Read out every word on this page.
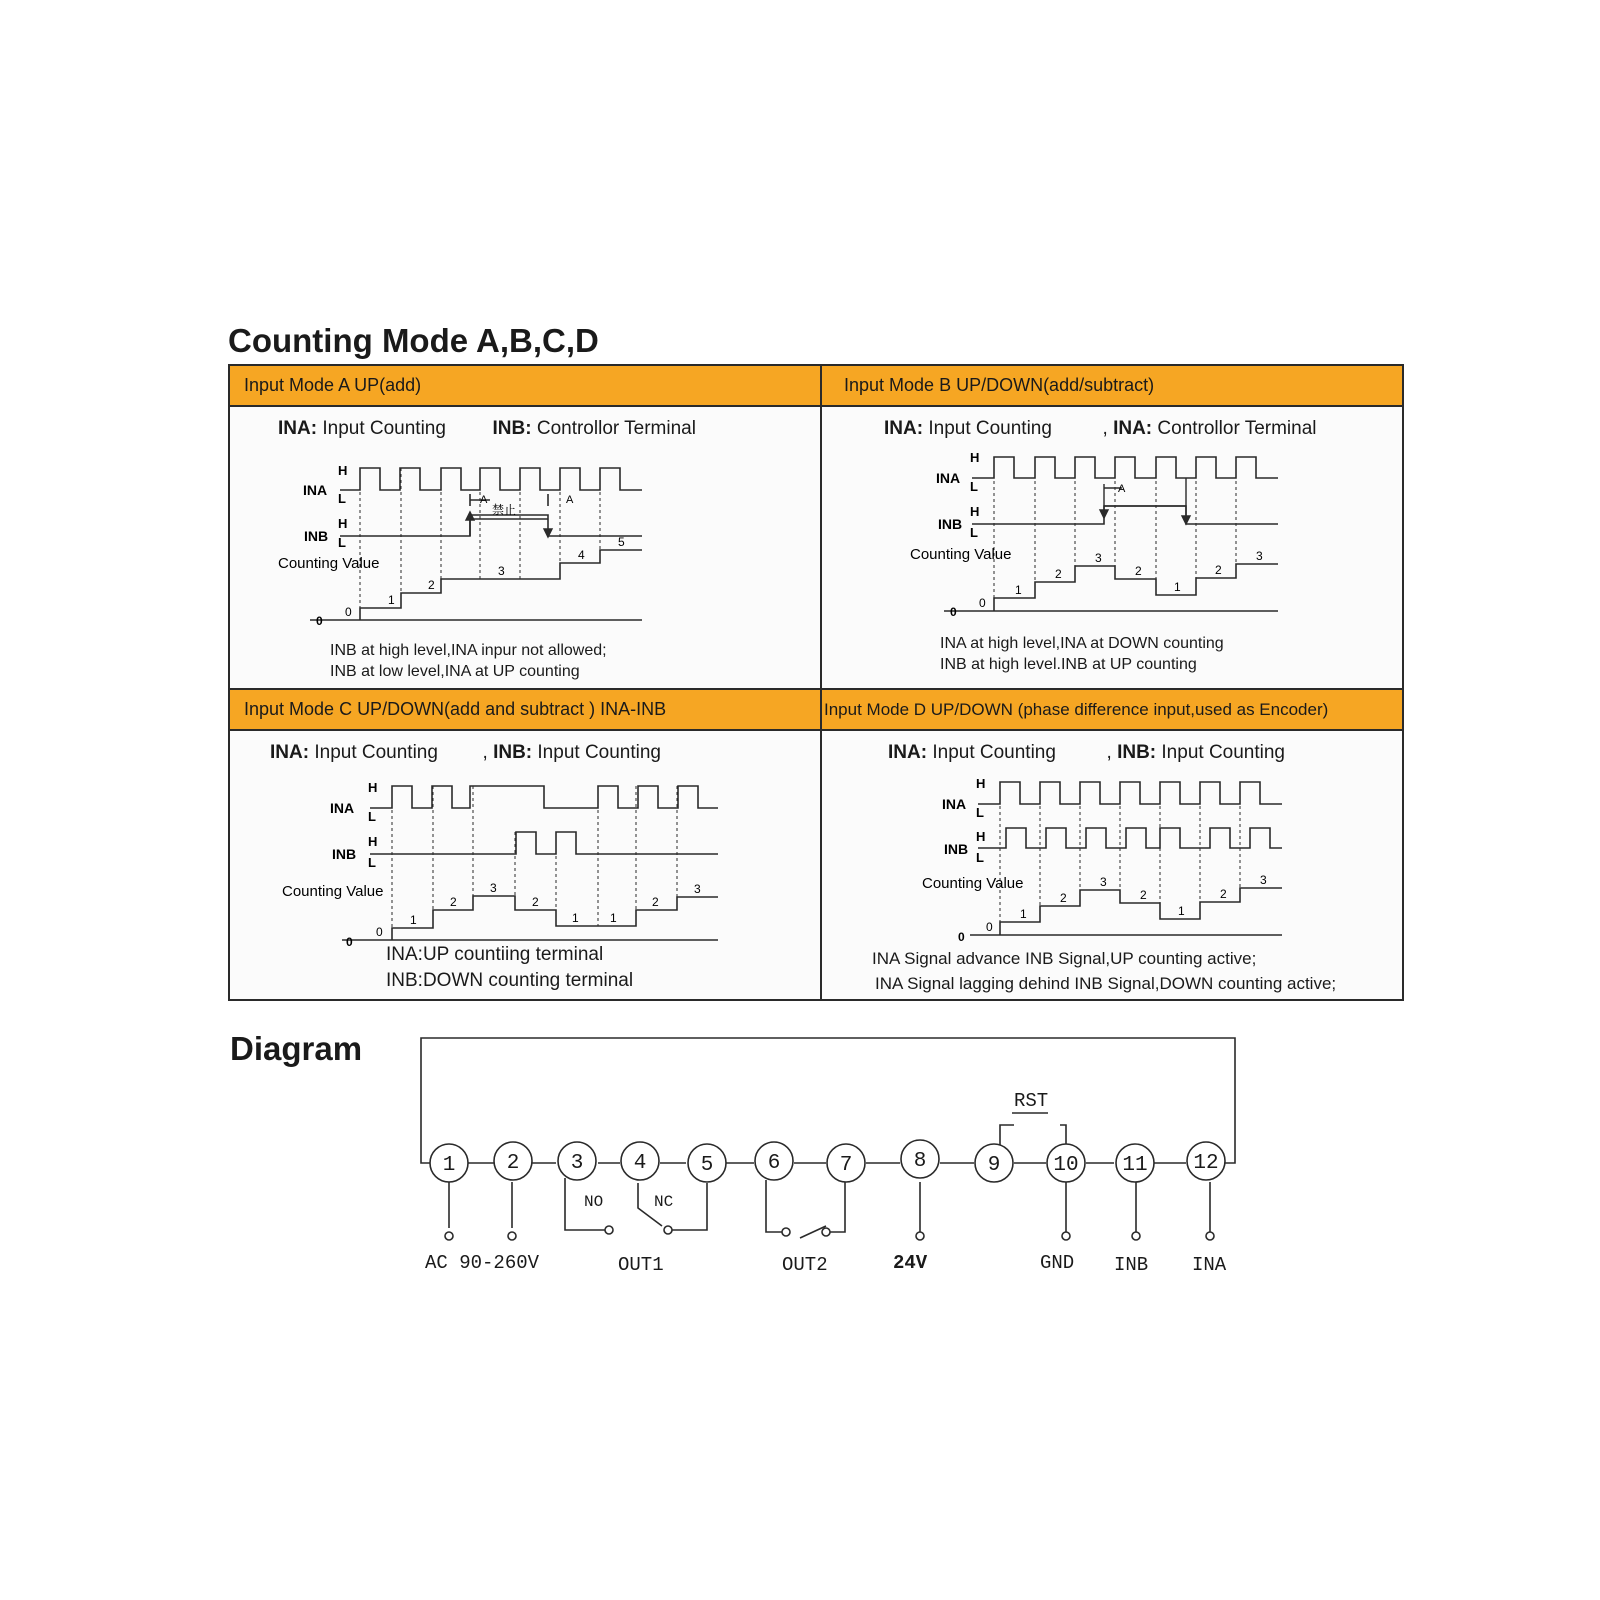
Counting Mode A,B,C,D
Input Mode A UP(add)
INA: Input Counting INB: Controllor Terminal
INA
H
L
INB
H
L
Counting Value
0
A	A
禁止
0
1
2
3
4
5
INB at high level,INA inpur not allowed;
INB at low level,INA at UP counting
Input Mode B UP/DOWN(add/subtract)
INA: Input Counting	, INA: Controllor Terminal
INA
H
L
INB
H
L
Counting Value
0
A
0
1
2
3
2
1
2
3
INA at high level,INA at DOWN counting
INB at high level.INB at UP counting
Input Mode C UP/DOWN(add and subtract ) INA-INB
INA: Input Counting , INB: Input Counting
INA
H
L
INB
H
L
Counting Value
0
0
1
2
3
2
1	1
2
3
INA:UP countiing terminal
INB:DOWN counting terminal
Input Mode D UP/DOWN (phase difference input,used as Encoder)
INA: Input Counting	, INB: Input Counting
INA
H
L
INB
H
L
Counting Value
0
0
1
2
3
2
1
2
3
INA Signal advance INB Signal,UP counting active;
INA Signal lagging dehind INB Signal,DOWN counting active;
Diagram
1 2 3 4	5	6	7	8	9	10 11 12
AC 90-260V
NO	NC
OUT1	OUT2	24V
RST
GND INB INA
